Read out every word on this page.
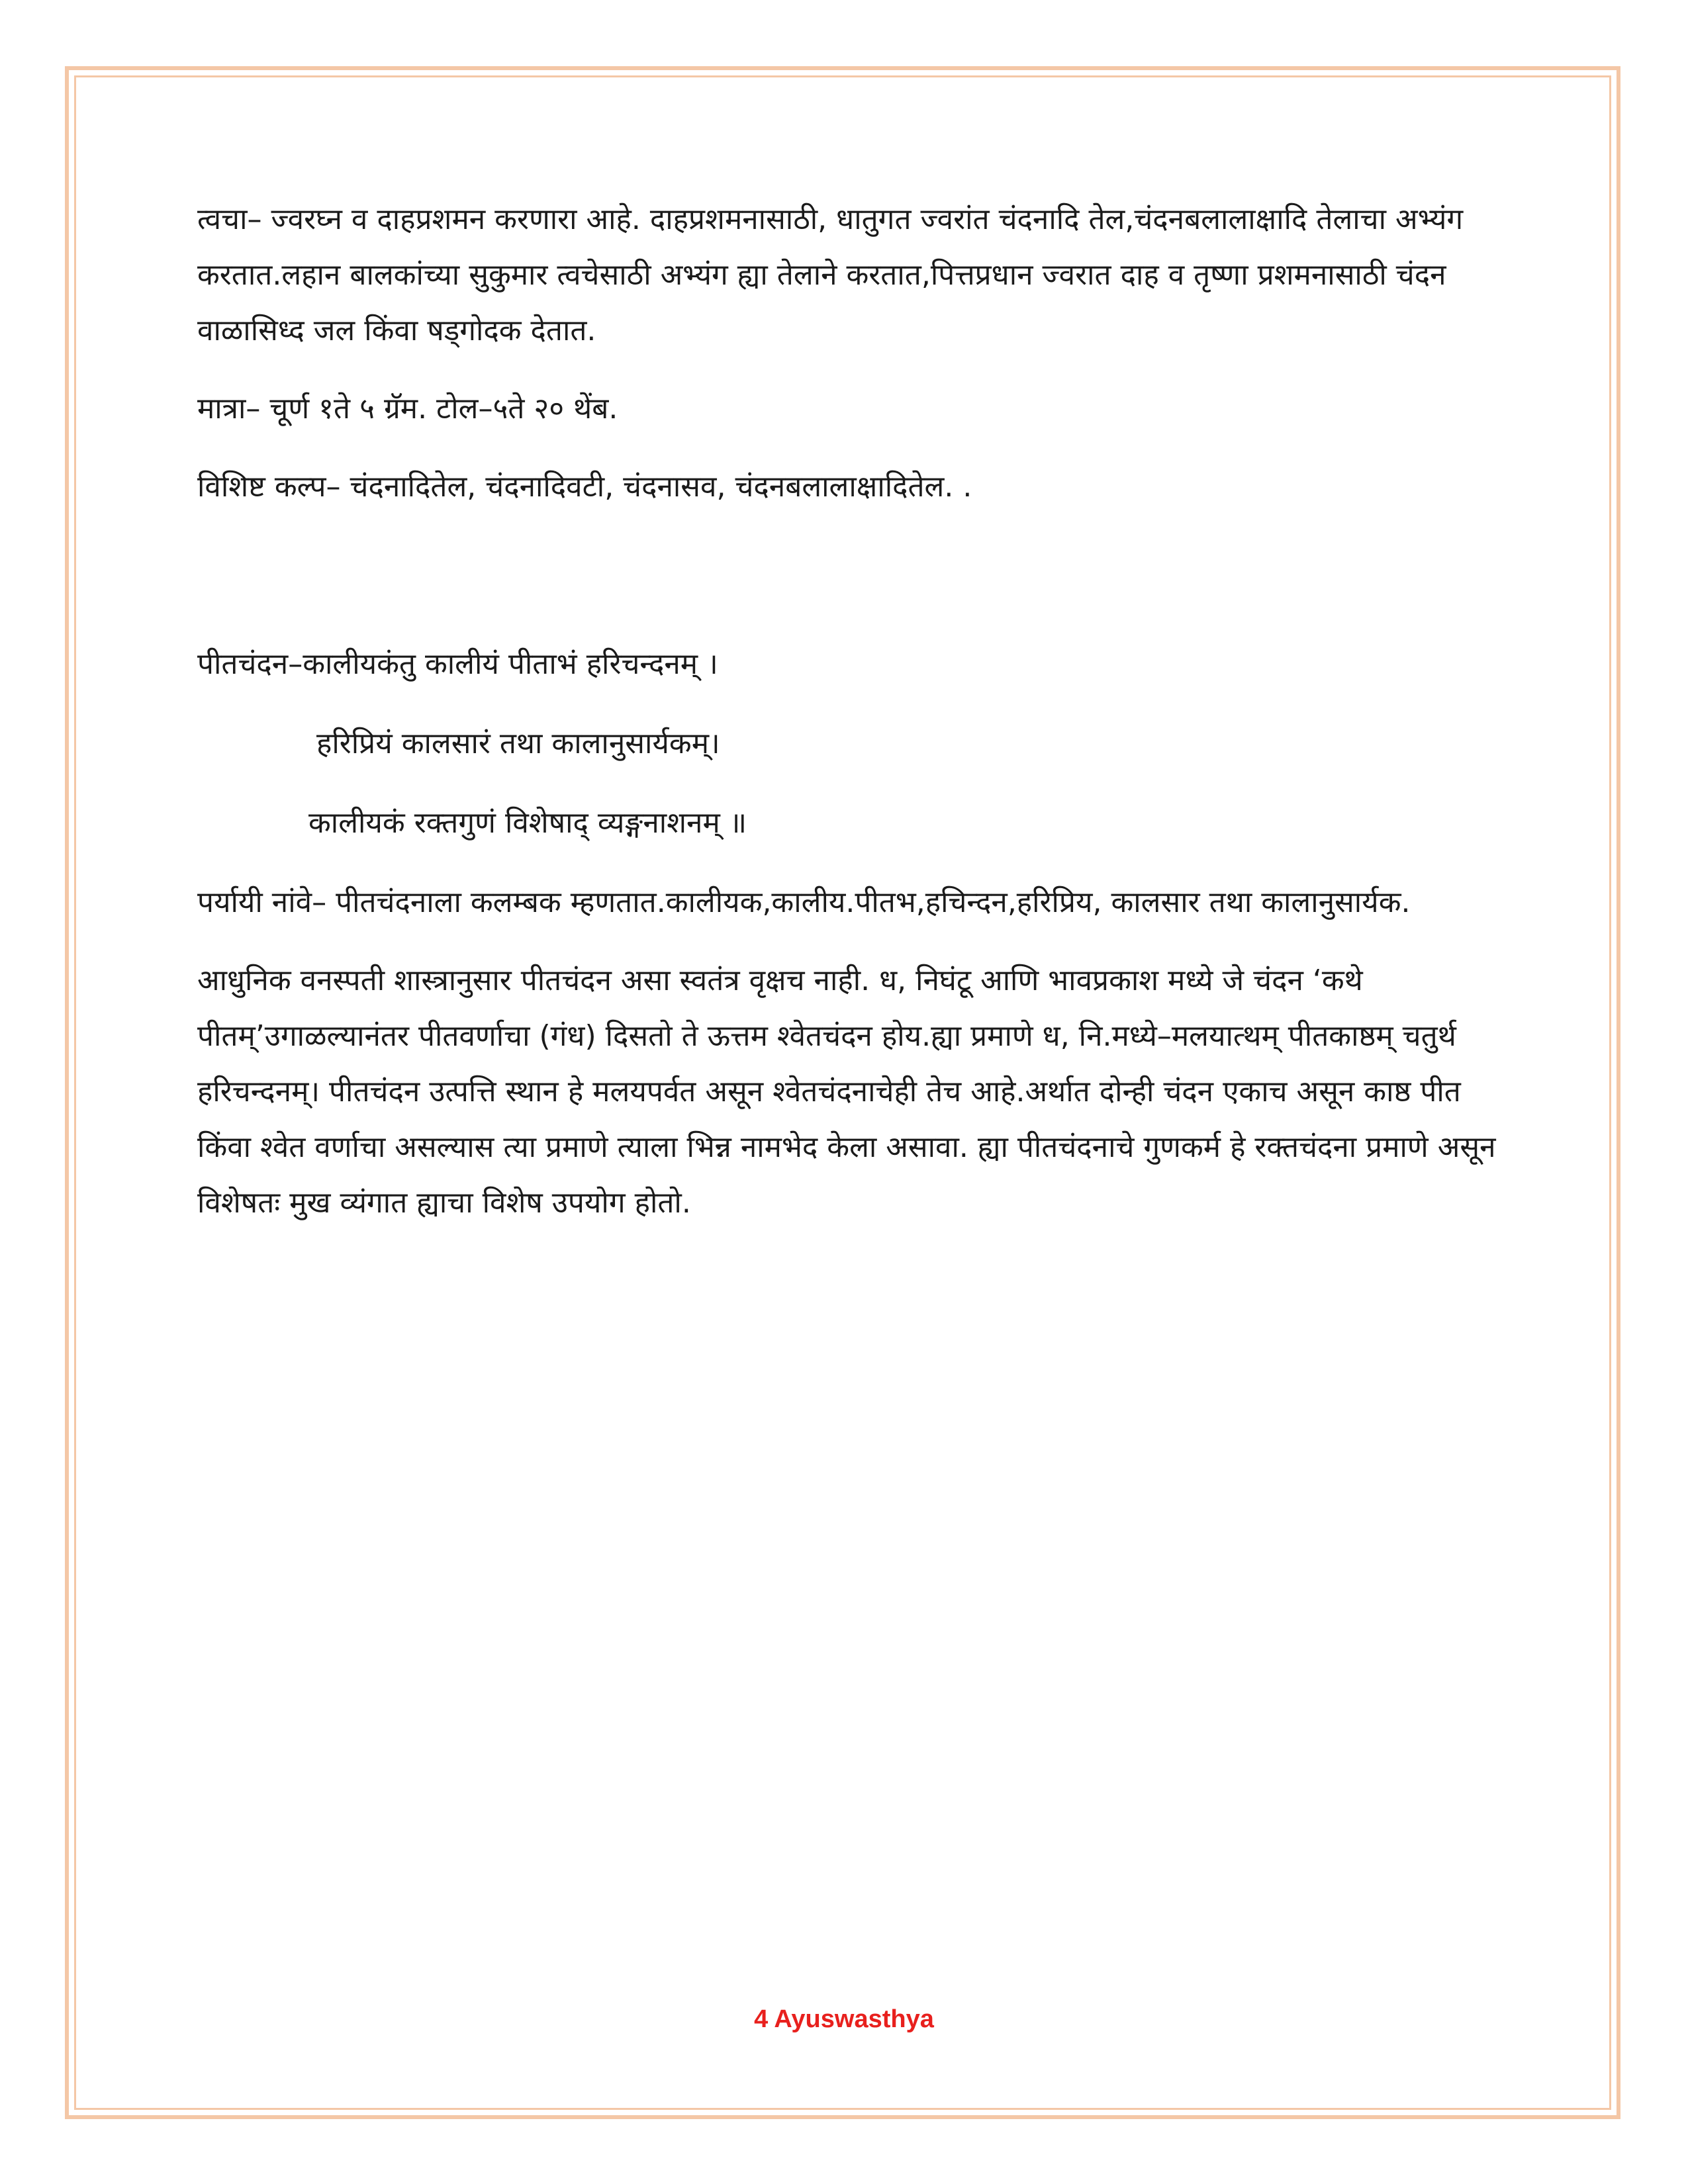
त्वचा– ज्वरघ्न व दाहप्रशमन करणारा आहे. दाहप्रशमनासाठी, धातुगत ज्वरांत चंदनादि तेल,चंदनबलालाक्षादि तेलाचा अभ्यंग करतात.लहान बालकांच्या सुकुमार त्वचेसाठी अभ्यंग ह्या तेलाने करतात,पित्तप्रधान ज्वरात दाह व तृष्णा प्रशमनासाठी चंदन वाळासिध्द जल किंवा षड्गोदक देतात.

मात्रा– चूर्ण १ते ५ ग्रॅम. टोल–५ते २० थेंब.

विशिष्ट कल्प– चंदनादितेल, चंदनादिवटी, चंदनासव, चंदनबलालाक्षादितेल. .

पीतचंदन–कालीयकंतु कालीयं पीताभं हरिचन्दनम् ।

हरिप्रियं कालसारं तथा कालानुसार्यकम्।

कालीयकं रक्तगुणं विशेषाद् व्यङ्गनाशनम् ॥

पर्यायी नांवे– पीतचंदनाला कलम्बक म्हणतात.कालीयक,कालीय.पीतभ,हचिन्दन,हरिप्रिय, कालसार तथा कालानुसार्यक.

आधुनिक वनस्पती शास्त्रानुसार पीतचंदन असा स्वतंत्र वृक्षच नाही. ध, निघंटू आणि भावप्रकाश मध्ये जे चंदन ‘कथे पीतम्’उगाळल्यानंतर पीतवर्णाचा (गंध) दिसतो ते ऊत्तम श्वेतचंदन होय.ह्या प्रमाणे ध, नि.मध्ये–मलयात्थम् पीतकाष्ठम् चतुर्थ हरिचन्दनम्। पीतचंदन उत्पत्ति स्थान हे मलयपर्वत असून श्वेतचंदनाचेही तेच आहे.अर्थात दोन्ही चंदन एकाच असून काष्ठ पीत किंवा श्वेत वर्णाचा असल्यास त्या प्रमाणे त्याला भिन्न नामभेद केला असावा. ह्या पीतचंदनाचे गुणकर्म हे रक्तचंदना प्रमाणे असून विशेषतः मुख व्यंगात ह्याचा विशेष उपयोग होतो.

4 Ayuswasthya
